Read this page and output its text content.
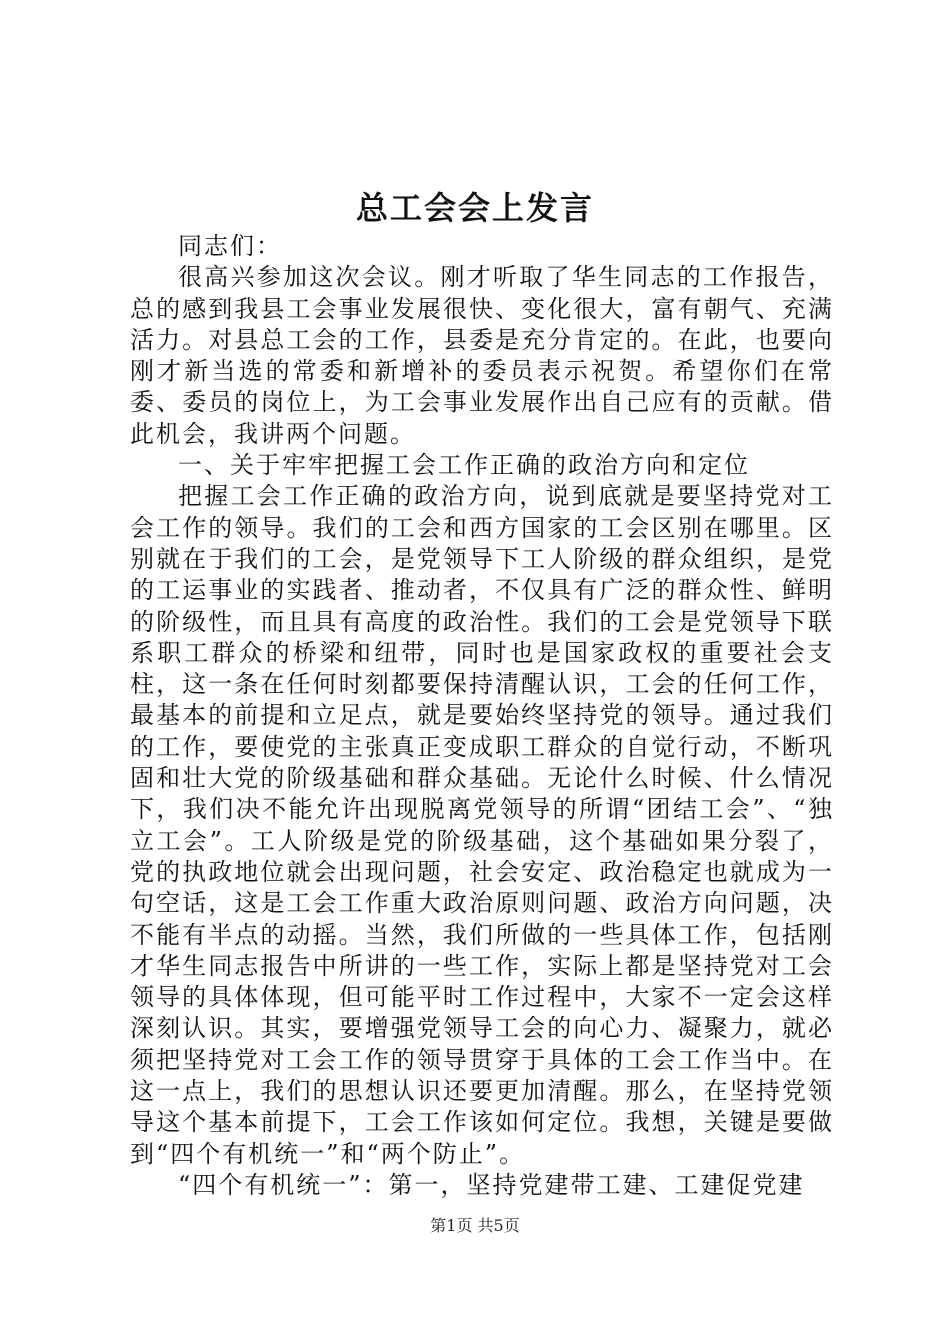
总工会会上发言

同志们：

很高兴参加这次会议。刚才听取了华生同志的工作报告，总的感到我县工会事业发展很快、变化很大，富有朝气、充满活力。对县总工会的工作，县委是充分肯定的。在此，也要向刚才新当选的常委和新增补的委员表示祝贺。希望你们在常委、委员的岗位上，为工会事业发展作出自己应有的贡献。借此机会，我讲两个问题。

一、关于牢牢把握工会工作正确的政治方向和定位

把握工会工作正确的政治方向，说到底就是要坚持党对工会工作的领导。我们的工会和西方国家的工会区别在哪里。区别就在于我们的工会，是党领导下工人阶级的群众组织，是党的工运事业的实践者、推动者，不仅具有广泛的群众性、鲜明的阶级性，而且具有高度的政治性。我们的工会是党领导下联系职工群众的桥梁和纽带，同时也是国家政权的重要社会支柱，这一条在任何时刻都要保持清醒认识，工会的任何工作，最基本的前提和立足点，就是要始终坚持党的领导。通过我们的工作，要使党的主张真正变成职工群众的自觉行动，不断巩固和壮大党的阶级基础和群众基础。无论什么时候、什么情况下，我们决不能允许出现脱离党领导的所谓“团结工会”、“独立工会”。工人阶级是党的阶级基础，这个基础如果分裂了，党的执政地位就会出现问题，社会安定、政治稳定也就成为一句空话，这是工会工作重大政治原则问题、政治方向问题，决不能有半点的动摇。当然，我们所做的一些具体工作，包括刚才华生同志报告中所讲的一些工作，实际上都是坚持党对工会领导的具体体现，但可能平时工作过程中，大家不一定会这样深刻认识。其实，要增强党领导工会的向心力、凝聚力，就必须把坚持党对工会工作的领导贯穿于具体的工会工作当中。在这一点上，我们的思想认识还要更加清醒。那么，在坚持党领导这个基本前提下，工会工作该如何定位。我想，关键是要做到“四个有机统一”和“两个防止”。

“四个有机统一”：第一，坚持党建带工建、工建促党建

第1页 共5页
